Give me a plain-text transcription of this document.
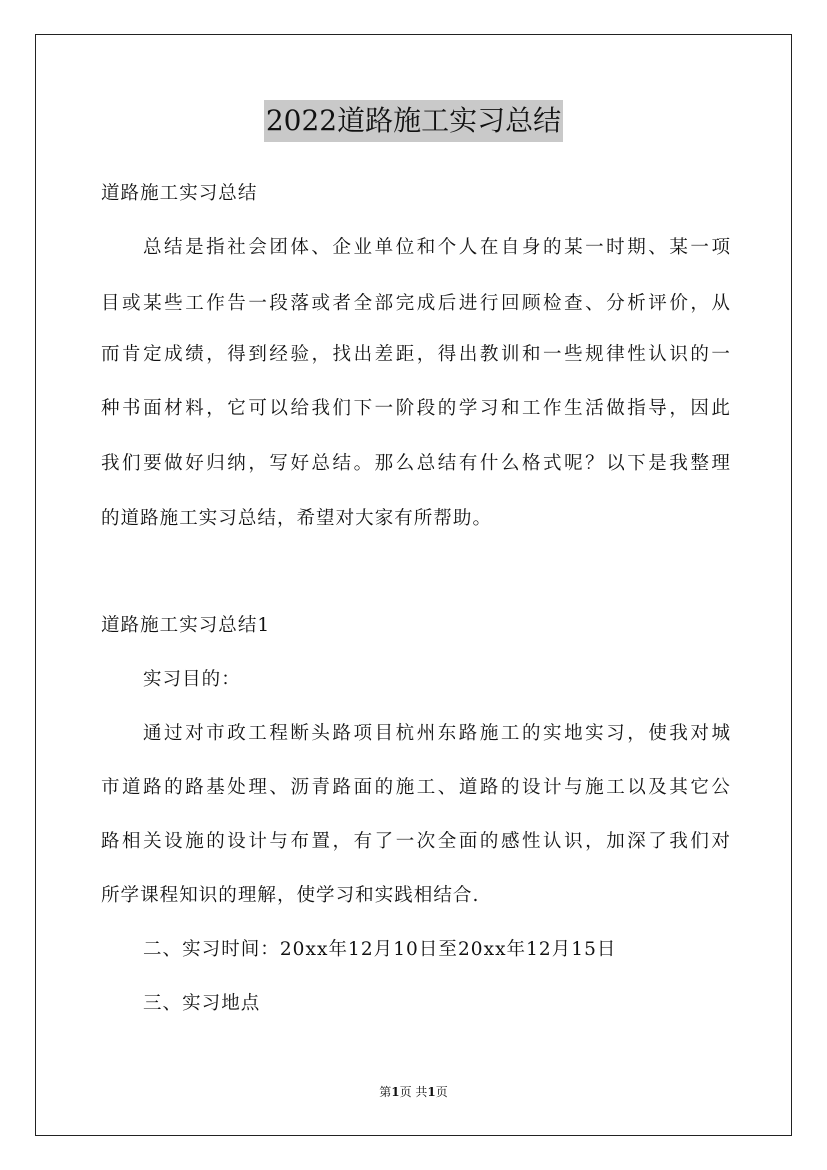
2022道路施工实习总结
道路施工实习总结
总结是指社会团体、企业单位和个人在自身的某一时期、某一项
目或某些工作告一段落或者全部完成后进行回顾检查、分析评价，从
而肯定成绩，得到经验，找出差距，得出教训和一些规律性认识的一
种书面材料，它可以给我们下一阶段的学习和工作生活做指导，因此
我们要做好归纳，写好总结。那么总结有什么格式呢？以下是我整理
的道路施工实习总结，希望对大家有所帮助。
道路施工实习总结1
实习目的：
通过对市政工程断头路项目杭州东路施工的实地实习，使我对城
市道路的路基处理、沥青路面的施工、道路的设计与施工以及其它公
路相关设施的设计与布置，有了一次全面的感性认识，加深了我们对
所学课程知识的理解，使学习和实践相结合.
二、实习时间：20xx年12月10日至20xx年12月15日
三、实习地点
第1页 共1页
